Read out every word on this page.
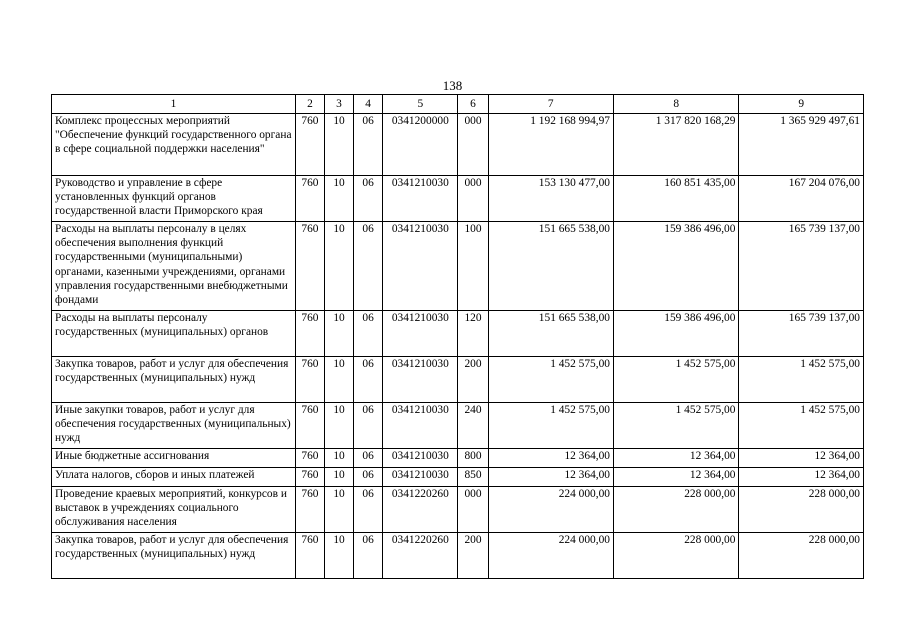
138
1	2	3	4	5	6	7	8	9
Комплекс процессных мероприятий "Обеспечение функций государственного органа в сфере социальной поддержки населения"	760	10	06	0341200000	000	1 192 168 994,97	1 317 820 168,29	1 365 929 497,61
Руководство и управление в сфере установленных функций органов государственной власти Приморского края	760	10	06	0341210030	000	153 130 477,00	160 851 435,00	167 204 076,00
Расходы на выплаты персоналу в целях обеспечения выполнения функций государственными (муниципальными) органами, казенными учреждениями, органами управления государственными внебюджетными фондами	760	10	06	0341210030	100	151 665 538,00	159 386 496,00	165 739 137,00
Расходы на выплаты персоналу государственных (муниципальных) органов	760	10	06	0341210030	120	151 665 538,00	159 386 496,00	165 739 137,00
Закупка товаров, работ и услуг для обеспечения государственных (муниципальных) нужд	760	10	06	0341210030	200	1 452 575,00	1 452 575,00	1 452 575,00
Иные закупки товаров, работ и услуг для обеспечения государственных (муниципальных) нужд	760	10	06	0341210030	240	1 452 575,00	1 452 575,00	1 452 575,00
Иные бюджетные ассигнования	760	10	06	0341210030	800	12 364,00	12 364,00	12 364,00
Уплата налогов, сборов и иных платежей	760	10	06	0341210030	850	12 364,00	12 364,00	12 364,00
Проведение краевых мероприятий, конкурсов и выставок в учреждениях социального обслуживания населения	760	10	06	0341220260	000	224 000,00	228 000,00	228 000,00
Закупка товаров, работ и услуг для обеспечения государственных (муниципальных) нужд	760	10	06	0341220260	200	224 000,00	228 000,00	228 000,00
